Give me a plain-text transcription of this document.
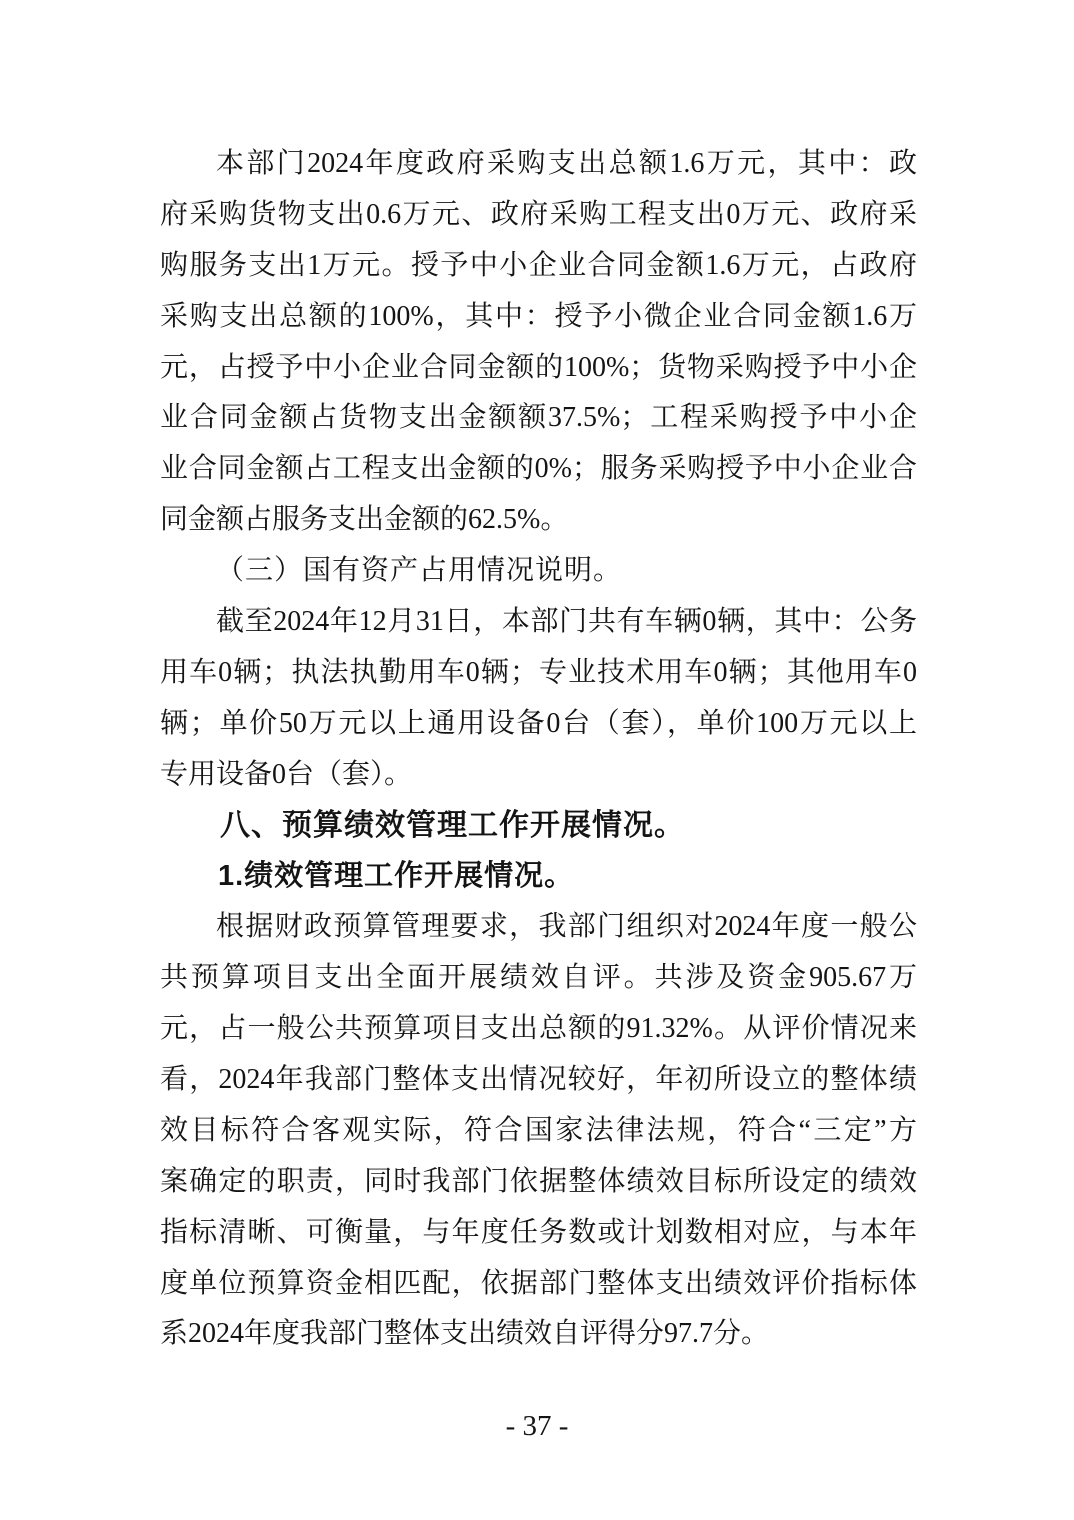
本部门2024年度政府采购支出总额1.6万元，其中：政
府采购货物支出0.6万元、政府采购工程支出0万元、政府采
购服务支出1万元。授予中小企业合同金额1.6万元，占政府
采购支出总额的100%，其中：授予小微企业合同金额1.6万
元，占授予中小企业合同金额的100%；货物采购授予中小企
业合同金额占货物支出金额额37.5%；工程采购授予中小企
业合同金额占工程支出金额的0%；服务采购授予中小企业合
同金额占服务支出金额的62.5%。
（三）国有资产占用情况说明。
截至2024年12月31日，本部门共有车辆0辆，其中：公务
用车0辆；执法执勤用车0辆；专业技术用车0辆；其他用车0
辆；单价50万元以上通用设备0台（套），单价100万元以上
专用设备0台（套）。
八、预算绩效管理工作开展情况。
1.绩效管理工作开展情况。
根据财政预算管理要求，我部门组织对2024年度一般公
共预算项目支出全面开展绩效自评。共涉及资金905.67万
元，占一般公共预算项目支出总额的91.32%。从评价情况来
看，2024年我部门整体支出情况较好，年初所设立的整体绩
效目标符合客观实际，符合国家法律法规，符合“三定”方
案确定的职责，同时我部门依据整体绩效目标所设定的绩效
指标清晰、可衡量，与年度任务数或计划数相对应，与本年
度单位预算资金相匹配，依据部门整体支出绩效评价指标体
系2024年度我部门整体支出绩效自评得分97.7分。
- 37 -
